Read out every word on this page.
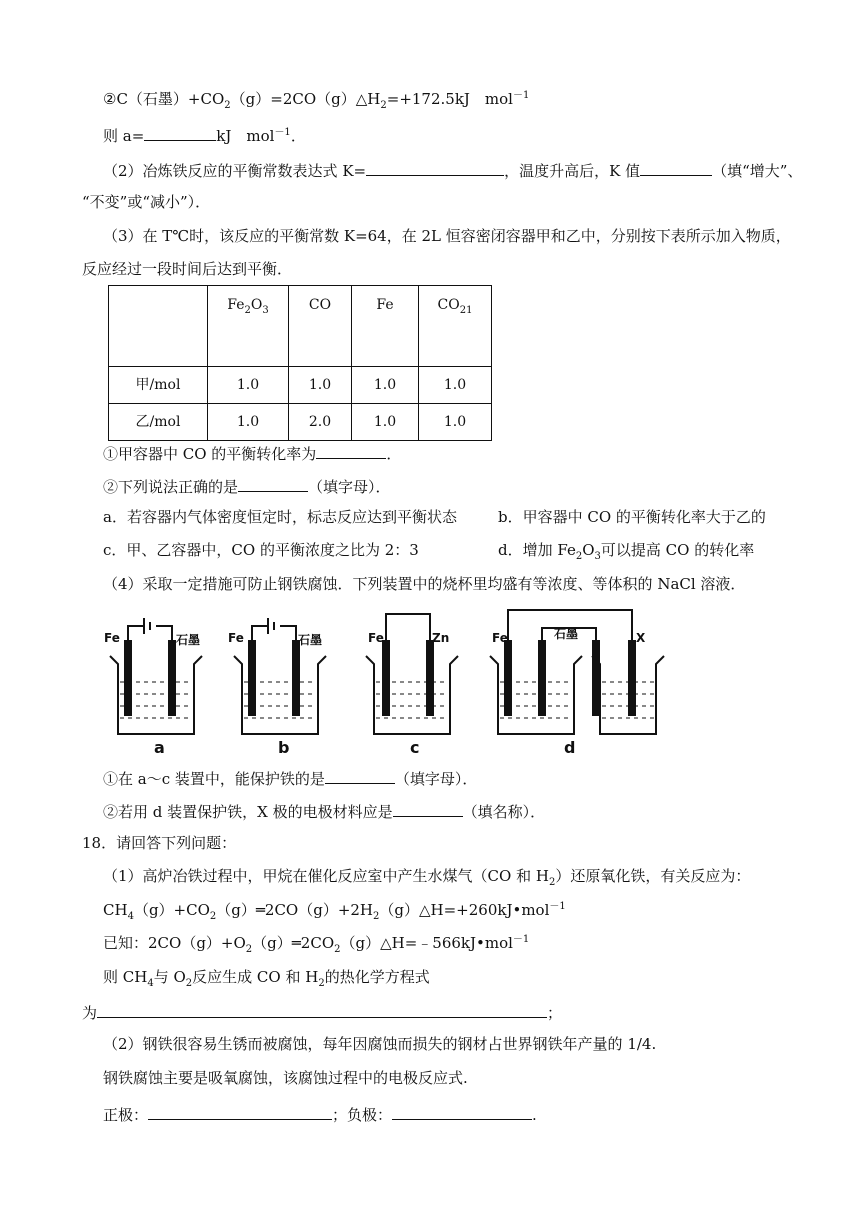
②C（石墨）$+CO_2(g)=2CO(g)\triangle H_2=+172.5kJ$　mol$^{-1}$
则 a=	kJ　mol$^{-1}$．
（2）冶炼铁反应的平衡常数表达式 K=	，温度升高后，K 值	（填“增大”、
“不变”或“减小”）．
（3）在 T℃时，该反应的平衡常数 K=64，在 2L 恒容密闭容器甲和乙中，分别按下表所示加入物质，
反应经过一段时间后达到平衡．
	$Fe_2O_3$	CO	Fe	$CO_{21}$
甲/mol	1.0	1.0	1.0	1.0
乙/mol	1.0	2.0	1.0	1.0
①甲容器中 CO 的平衡转化率为	．
②下列说法正确的是	（填字母）．
a．若容器内气体密度恒定时，标志反应达到平衡状态	b．甲容器中 CO 的平衡转化率大于乙的
c．甲、乙容器中，CO 的平衡浓度之比为 2：3	d．增加 $Fe_2O_3$可以提高 CO 的转化率
（4）采取一定措施可防止钢铁腐蚀．下列装置中的烧杯里均盛有等浓度、等体积的 NaCl 溶液．
Fe	石墨 Fe	石墨	Fe	Zn	Fe	石墨	X
a	b	c	d
①在 a～c 装置中，能保护铁的是	（填字母）．
②若用 d 装置保护铁，X 极的电极材料应是	（填名称）．
18．请回答下列问题：
（1）高炉冶铁过程中，甲烷在催化反应室中产生水煤气（CO 和 $H_2$）还原氧化铁，有关反应为：
$CH_4(g)+CO_2(g)═2CO(g)+2H_2(g)\triangle H=+260kJ•mol^{-1}$
已知：$2CO(g)+O_2(g)═2CO_2(g)\triangle H=﹣566kJ•mol^{-1}$
则 $CH_4$与 $O_2$反应生成 CO 和 $H_2$的热化学方程式
为	；
（2）钢铁很容易生锈而被腐蚀，每年因腐蚀而损失的钢材占世界钢铁年产量的 1/4.
钢铁腐蚀主要是吸氧腐蚀，该腐蚀过程中的电极反应式.
正极：	；负极：	.
